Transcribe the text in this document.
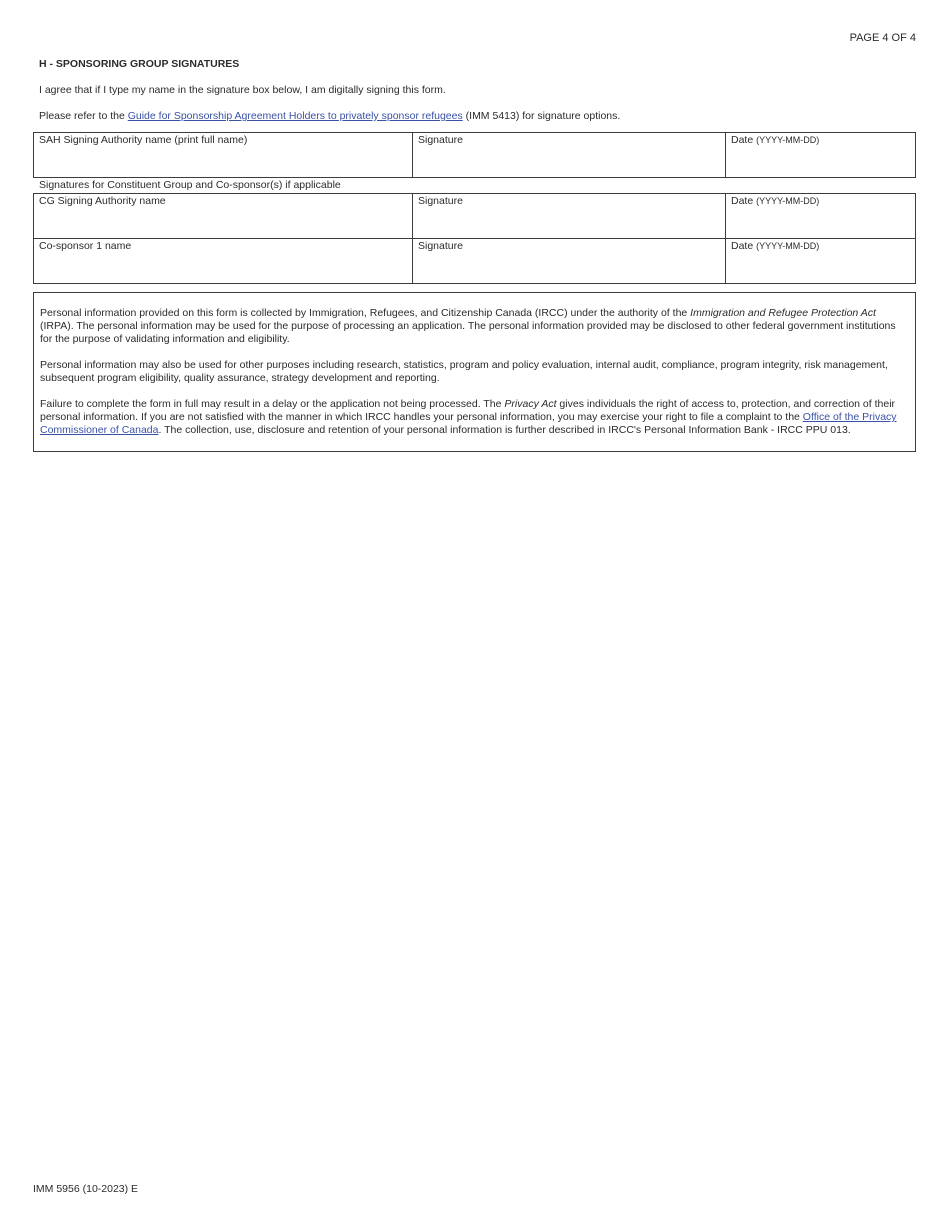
PAGE 4 OF 4
H - SPONSORING GROUP SIGNATURES
I agree that if I type my name in the signature box below, I am digitally signing this form.
Please refer to the Guide for Sponsorship Agreement Holders to privately sponsor refugees (IMM 5413) for signature options.
SAH Signing Authority name (print full name)	Signature	Date (YYYY-MM-DD)
Signatures for Constituent Group and Co-sponsor(s) if applicable
CG Signing Authority name	Signature	Date (YYYY-MM-DD)
Co-sponsor 1 name	Signature	Date (YYYY-MM-DD)

Personal information provided on this form is collected by Immigration, Refugees, and Citizenship Canada (IRCC) under the authority of the Immigration and Refugee Protection Act (IRPA). The personal information may be used for the purpose of processing an application. The personal information provided may be disclosed to other federal government institutions for the purpose of validating information and eligibility.

Personal information may also be used for other purposes including research, statistics, program and policy evaluation, internal audit, compliance, program integrity, risk management, subsequent program eligibility, quality assurance, strategy development and reporting.

Failure to complete the form in full may result in a delay or the application not being processed. The Privacy Act gives individuals the right of access to, protection, and correction of their personal information. If you are not satisfied with the manner in which IRCC handles your personal information, you may exercise your right to file a complaint to the Office of the Privacy Commissioner of Canada. The collection, use, disclosure and retention of your personal information is further described in IRCC's Personal Information Bank - IRCC PPU 013.

IMM 5956 (10-2023) E
